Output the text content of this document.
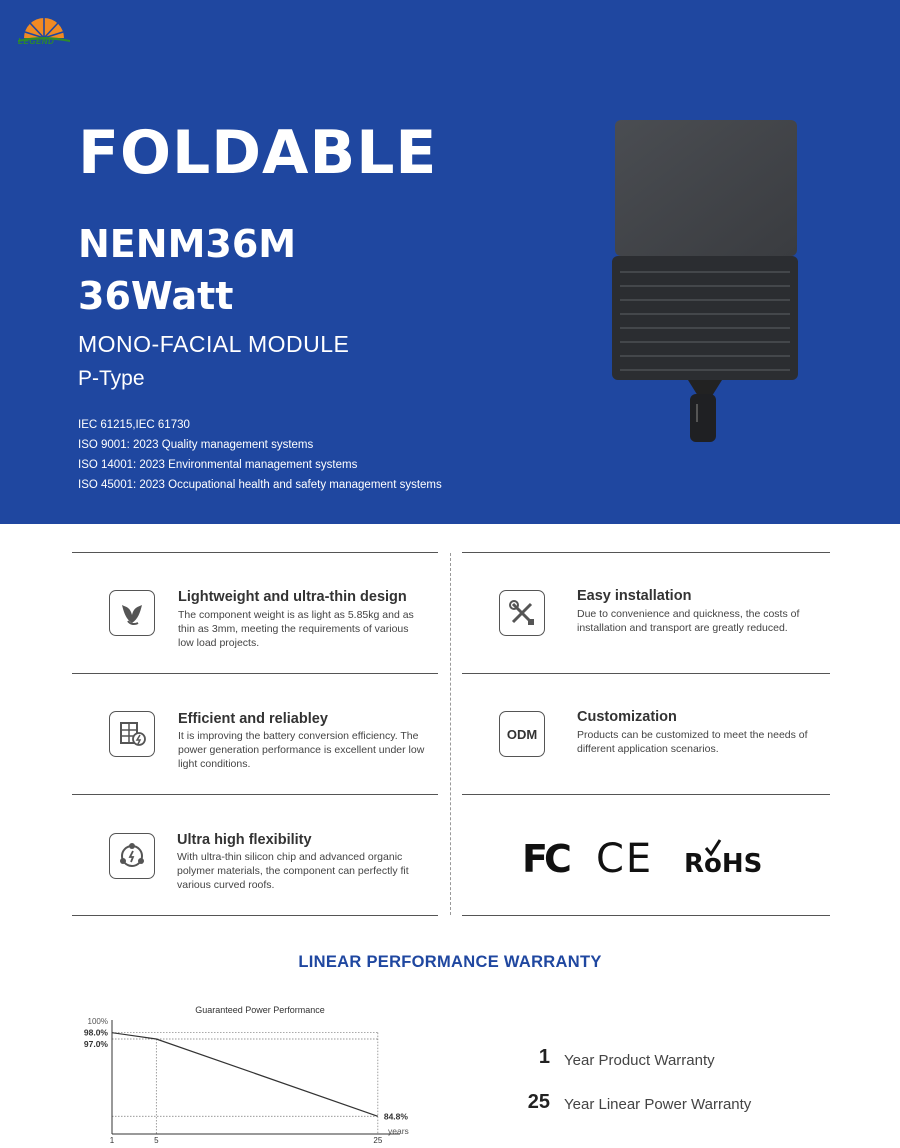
LEGEND
FOLDABLE
NENM36M
36Watt
MONO-FACIAL MODULE
P-Type
IEC 61215,IEC 61730
ISO 9001: 2023 Quality management systems
ISO 14001: 2023 Environmental management systems
ISO 45001: 2023 Occupational health and safety management systems
Lightweight and ultra-thin design
The component weight is as light as 5.85kg and as thin as 3mm, meeting the requirements of various low load projects.
Easy installation
Due to convenience and quickness, the costs of installation and transport are greatly reduced.
Efficient and reliabley
It is improving the battery conversion efficiency. The power generation performance is excellent under low light conditions.
ODM
Customization
Products can be customized to meet the needs of different application scenarios.
Ultra high flexibility
With ultra-thin silicon chip and advanced organic polymer materials, the component can perfectly fit various curved roofs.
FC CE RoHS
LINEAR PERFORMANCE WARRANTY
Guaranteed Power Performance
100%
98.0%
97.0%
84.8%
1	5	25
years
1 Year Product Warranty
25 Year Linear Power Warranty
